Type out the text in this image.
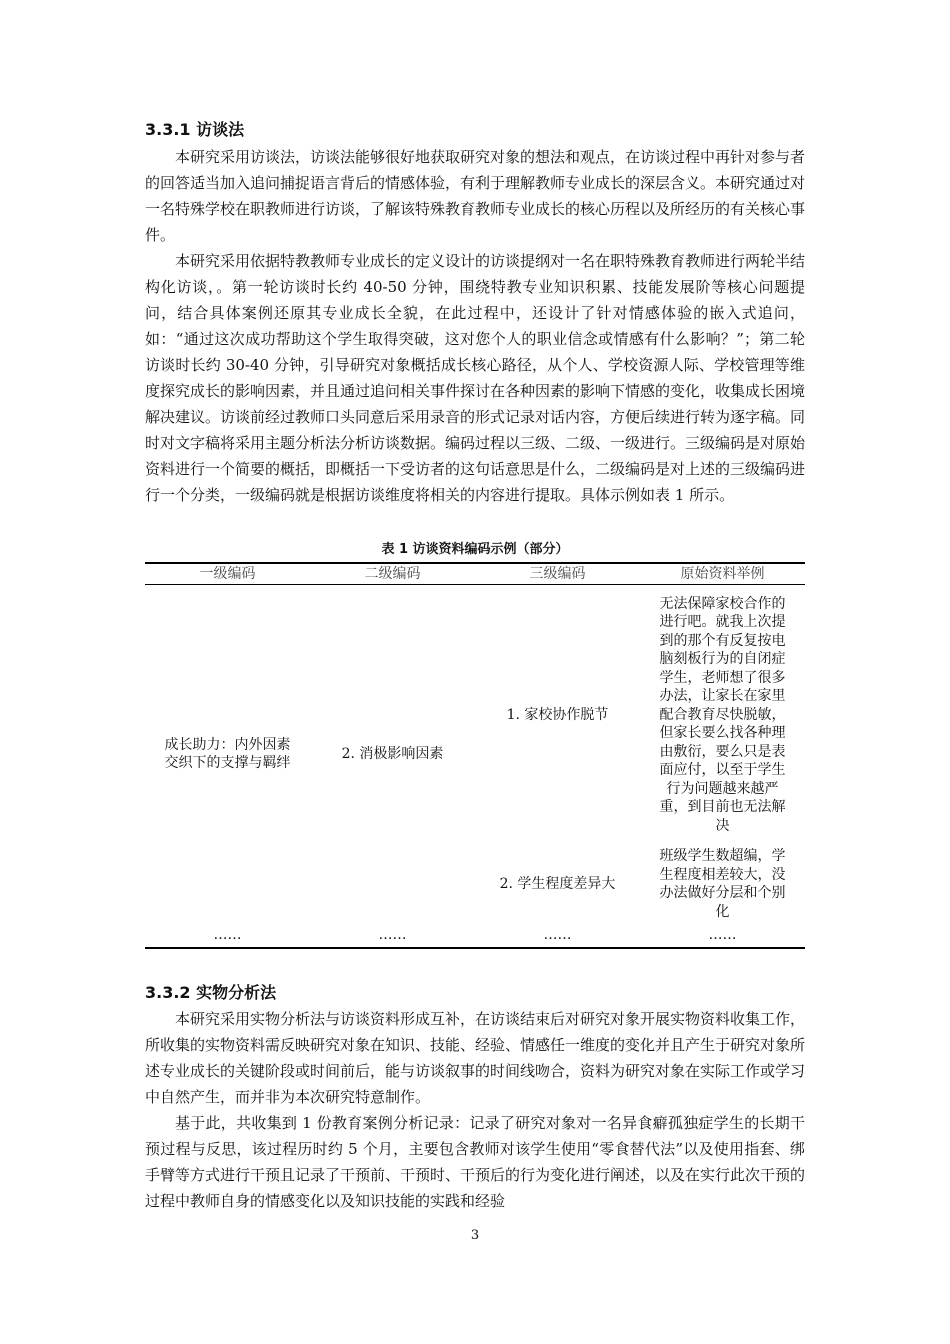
3.3.1 访谈法

本研究采用访谈法，访谈法能够很好地获取研究对象的想法和观点，在访谈过程中再针对参与者的回答适当加入追问捕捉语言背后的情感体验，有利于理解教师专业成长的深层含义。本研究通过对一名特殊学校在职教师进行访谈，了解该特殊教育教师专业成长的核心历程以及所经历的有关核心事件。

本研究采用依据特教教师专业成长的定义设计的访谈提纲对一名在职特殊教育教师进行两轮半结构化访谈，。第一轮访谈时长约 40-50 分钟，围绕特教专业知识积累、技能发展阶等核心问题提问，结合具体案例还原其专业成长全貌，在此过程中，还设计了针对情感体验的嵌入式追问，如：“通过这次成功帮助这个学生取得突破，这对您个人的职业信念或情感有什么影响？”；第二轮访谈时长约 30-40 分钟，引导研究对象概括成长核心路径，从个人、学校资源人际、学校管理等维度探究成长的影响因素，并且通过追问相关事件探讨在各种因素的影响下情感的变化，收集成长困境解决建议。访谈前经过教师口头同意后采用录音的形式记录对话内容，方便后续进行转为逐字稿。同时对文字稿将采用主题分析法分析访谈数据。编码过程以三级、二级、一级进行。三级编码是对原始资料进行一个简要的概括，即概括一下受访者的这句话意思是什么，二级编码是对上述的三级编码进行一个分类，一级编码就是根据访谈维度将相关的内容进行提取。具体示例如表 1 所示。

表 1 访谈资料编码示例（部分）
一级编码	二级编码	三级编码	原始资料举例
成长助力：内外因素交织下的支撑与羁绊	2. 消极影响因素	1. 家校协作脱节	无法保障家校合作的进行吧。就我上次提到的那个有反复按电脑刻板行为的自闭症学生，老师想了很多办法，让家长在家里配合教育尽快脱敏，但家长要么找各种理由敷衍，要么只是表面应付，以至于学生行为问题越来越严重，到目前也无法解决
		2. 学生程度差异大	班级学生数超编，学生程度相差较大，没办法做好分层和个别化
……	……	……	……
3.3.2 实物分析法

本研究采用实物分析法与访谈资料形成互补，在访谈结束后对研究对象开展实物资料收集工作，所收集的实物资料需反映研究对象在知识、技能、经验、情感任一维度的变化并且产生于研究对象所述专业成长的关键阶段或时间前后，能与访谈叙事的时间线吻合，资料为研究对象在实际工作或学习中自然产生，而并非为本次研究特意制作。

基于此，共收集到 1 份教育案例分析记录：记录了研究对象对一名异食癖孤独症学生的长期干预过程与反思，该过程历时约 5 个月，主要包含教师对该学生使用“零食替代法”以及使用指套、绑手臂等方式进行干预且记录了干预前、干预时、干预后的行为变化进行阐述，以及在实行此次干预的过程中教师自身的情感变化以及知识技能的实践和经验

3
